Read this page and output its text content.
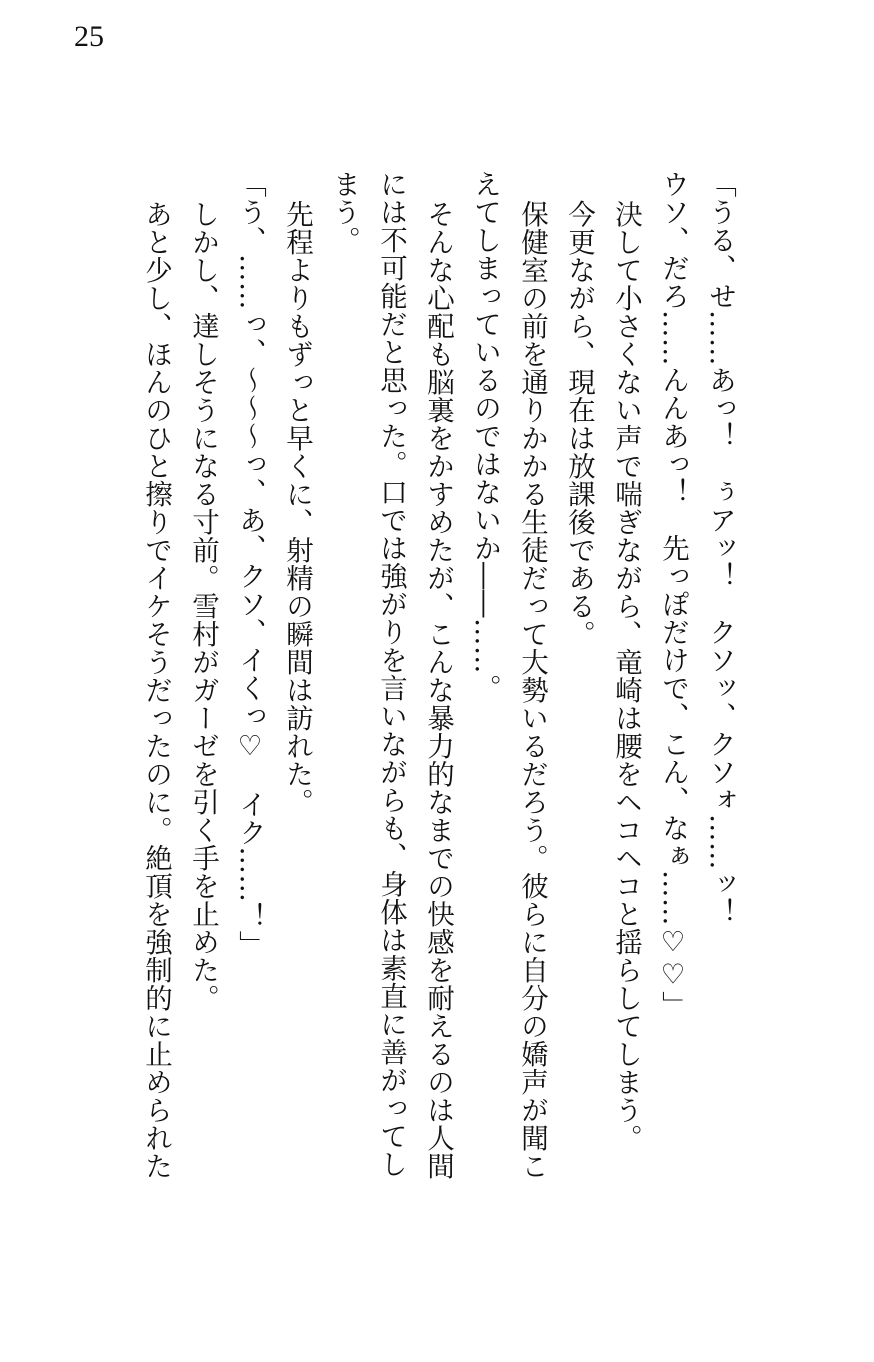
25
「うる、せ……あっ！　ぅアッ！　クソッ、クソォ……ッ！
ウソ、だろ……んんあっ！　先っぽだけで、こん、なぁ……♡♡」
決して小さくない声で喘ぎながら、竜崎は腰をヘコヘコと揺らしてしまう。
今更ながら、現在は放課後である。
保健室の前を通りかかる生徒だって大勢いるだろう。彼らに自分の嬌声が聞こ
えてしまっているのではないか――……。
そんな心配も脳裏をかすめたが、こんな暴力的なまでの快感を耐えるのは人間
には不可能だと思った。口では強がりを言いながらも、身体は素直に善がってし
まう。
先程よりもずっと早くに、射精の瞬間は訪れた。
「う、……っ、～～～っ、あ、クソ、イくっ♡　イク……！」
しかし、達しそうになる寸前。雪村がガーゼを引く手を止めた。
あと少し、ほんのひと擦りでイケそうだったのに。絶頂を強制的に止められた
